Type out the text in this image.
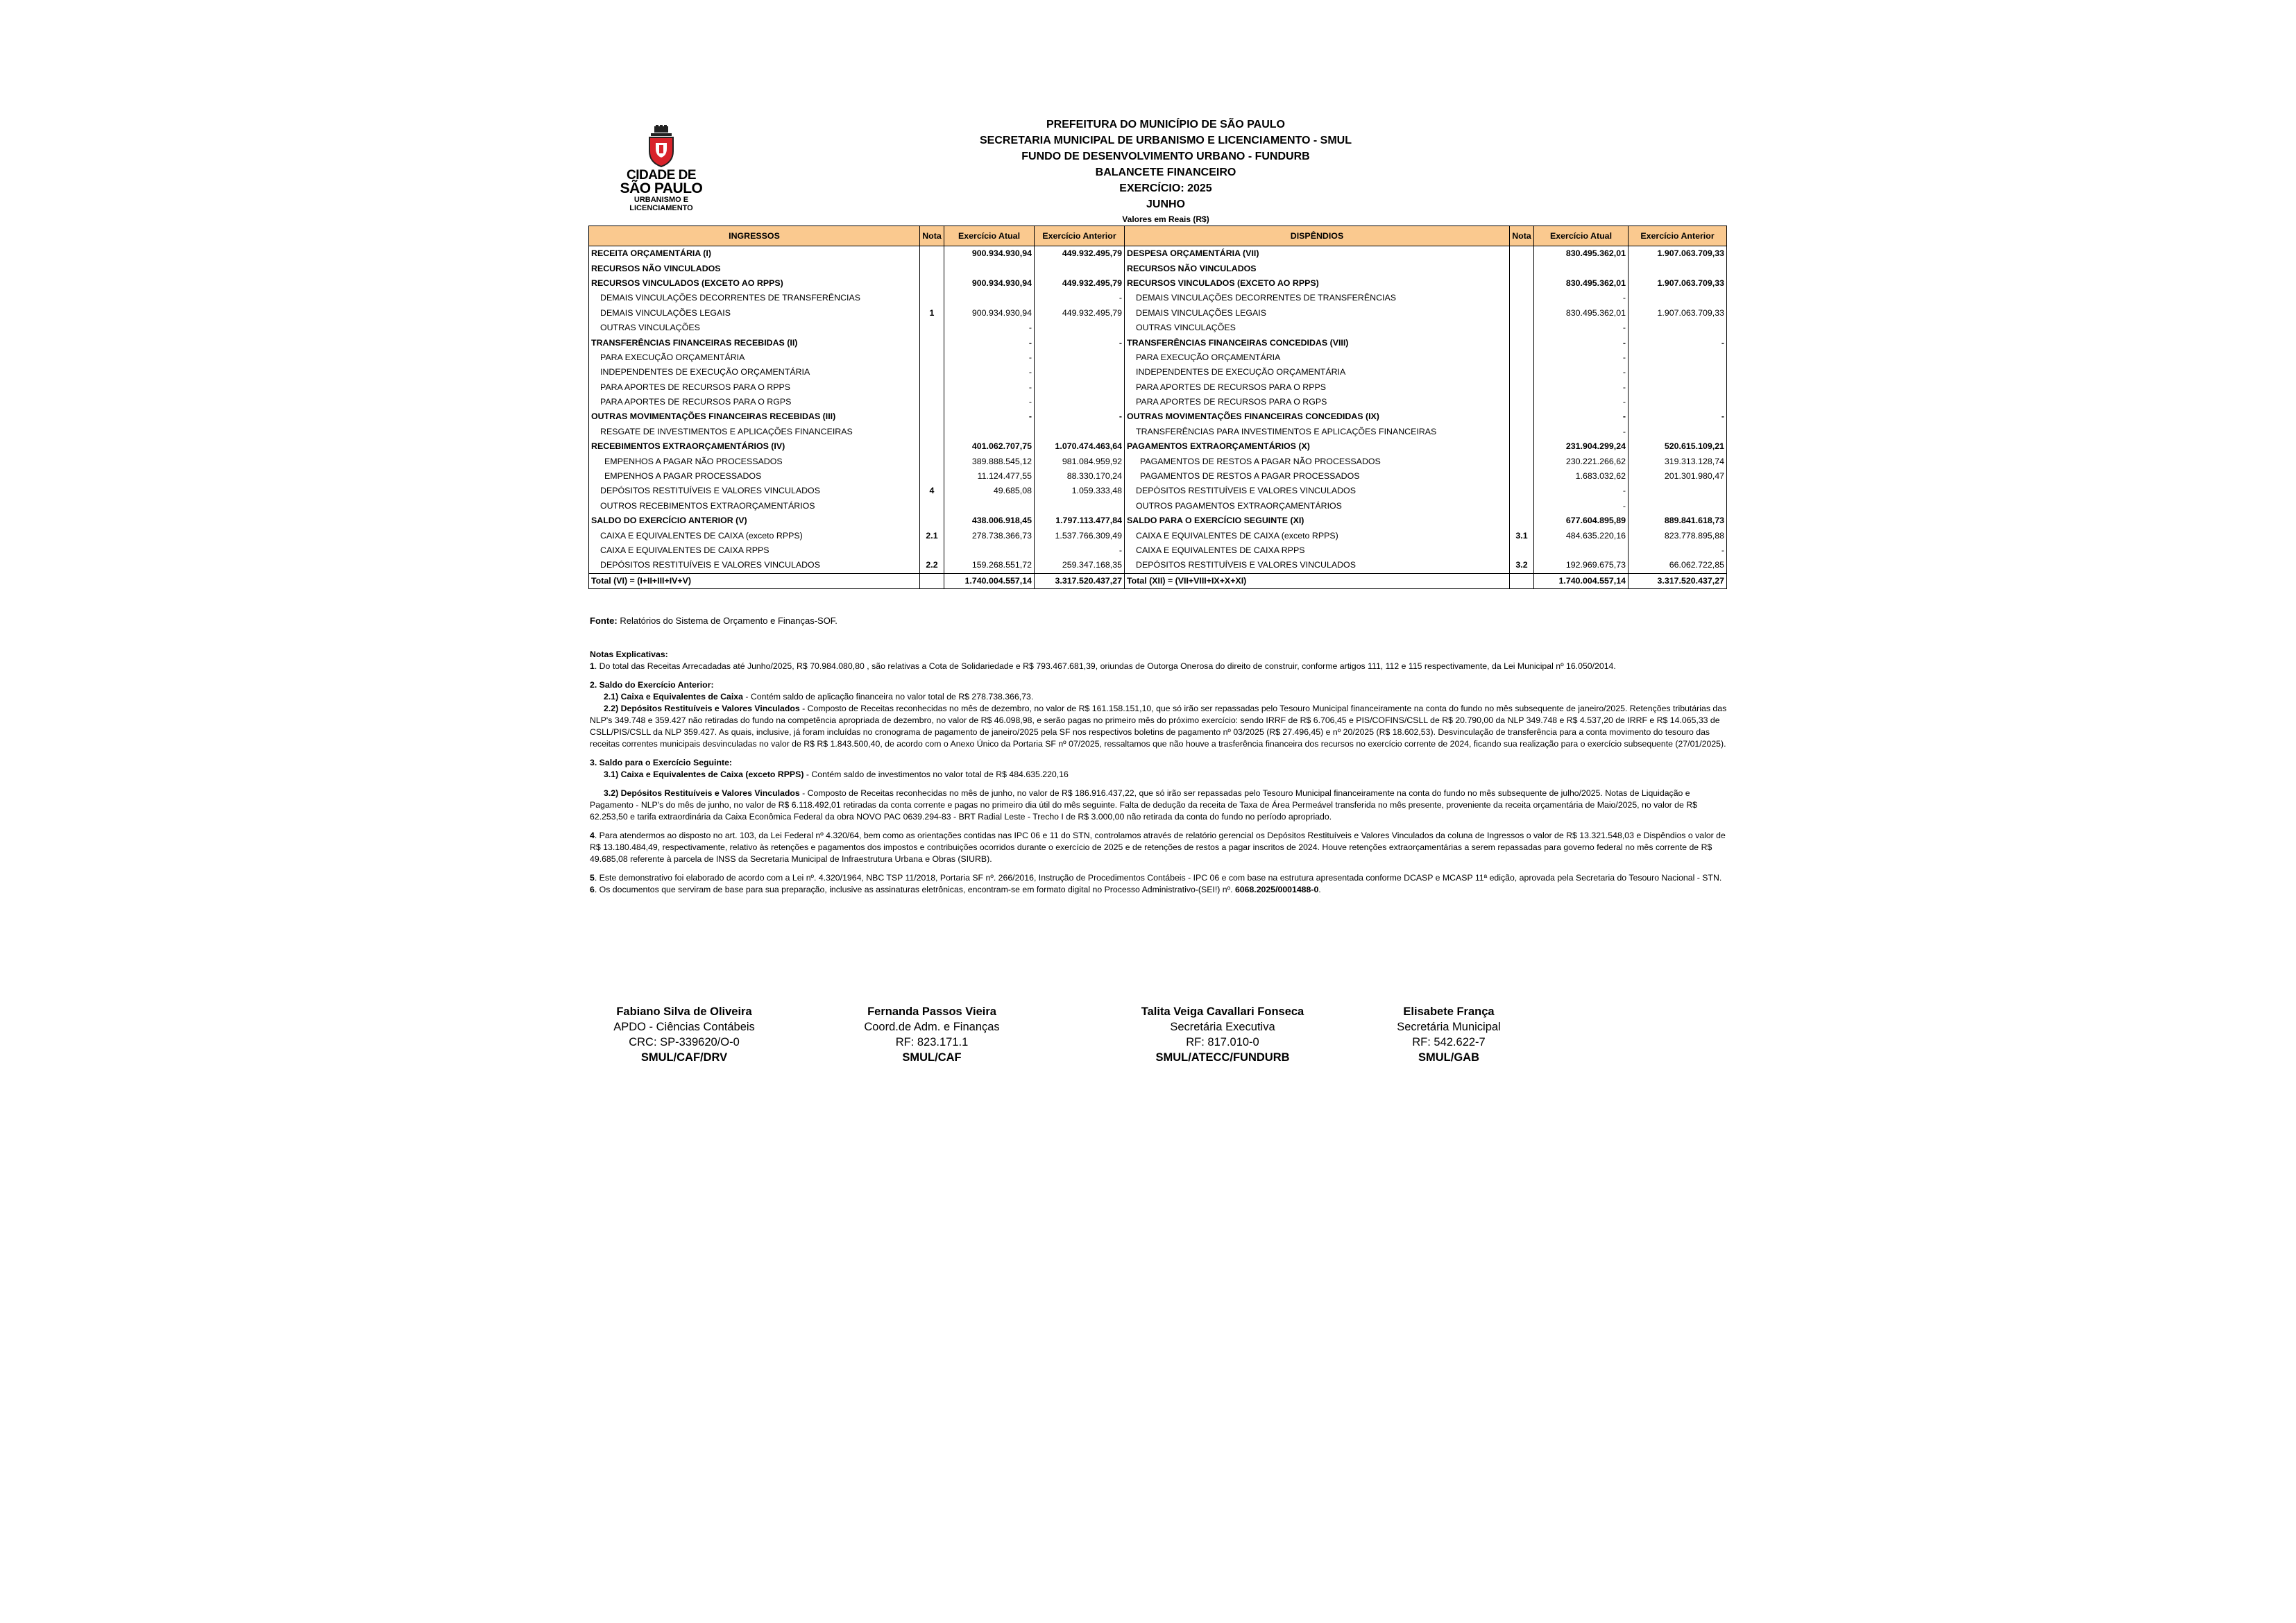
CIDADE DE
SÃO PAULO
URBANISMO E
LICENCIAMENTO
PREFEITURA DO MUNICÍPIO DE SÃO PAULO
SECRETARIA MUNICIPAL DE URBANISMO E LICENCIAMENTO - SMUL
FUNDO DE DESENVOLVIMENTO URBANO - FUNDURB
BALANCETE FINANCEIRO
EXERCÍCIO: 2025
JUNHO
Valores em Reais (R$)
INGRESSOS	Nota	Exercício Atual	Exercício Anterior	DISPÊNDIOS	Nota	Exercício Atual	Exercício Anterior
RECEITA ORÇAMENTÁRIA (I)		900.934.930,94	449.932.495,79	DESPESA ORÇAMENTÁRIA (VII)		830.495.362,01	1.907.063.709,33
RECURSOS NÃO VINCULADOS				RECURSOS NÃO VINCULADOS			
RECURSOS VINCULADOS (EXCETO AO RPPS)		900.934.930,94	449.932.495,79	RECURSOS VINCULADOS (EXCETO AO RPPS)		830.495.362,01	1.907.063.709,33
DEMAIS VINCULAÇÕES DECORRENTES DE TRANSFERÊNCIAS			-	DEMAIS VINCULAÇÕES DECORRENTES DE TRANSFERÊNCIAS		-	
DEMAIS VINCULAÇÕES LEGAIS	1	900.934.930,94	449.932.495,79	DEMAIS VINCULAÇÕES LEGAIS		830.495.362,01	1.907.063.709,33
OUTRAS VINCULAÇÕES		-		OUTRAS VINCULAÇÕES		-	
TRANSFERÊNCIAS FINANCEIRAS RECEBIDAS (II)		-	-	TRANSFERÊNCIAS FINANCEIRAS CONCEDIDAS (VIII)		-	-
PARA EXECUÇÃO ORÇAMENTÁRIA		-		PARA EXECUÇÃO ORÇAMENTÁRIA		-	
INDEPENDENTES DE EXECUÇÃO ORÇAMENTÁRIA		-		INDEPENDENTES DE EXECUÇÃO ORÇAMENTÁRIA		-	
PARA APORTES DE RECURSOS PARA O RPPS		-		PARA APORTES DE RECURSOS PARA O RPPS		-	
PARA APORTES DE RECURSOS PARA O RGPS		-		PARA APORTES DE RECURSOS PARA O RGPS		-	
OUTRAS MOVIMENTAÇÕES FINANCEIRAS RECEBIDAS (III)		-	-	OUTRAS MOVIMENTAÇÕES FINANCEIRAS CONCEDIDAS (IX)		-	-
RESGATE DE INVESTIMENTOS E APLICAÇÕES FINANCEIRAS				TRANSFERÊNCIAS PARA INVESTIMENTOS E APLICAÇÕES FINANCEIRAS		-	
RECEBIMENTOS EXTRAORÇAMENTÁRIOS (IV)		401.062.707,75	1.070.474.463,64	PAGAMENTOS EXTRAORÇAMENTÁRIOS (X)		231.904.299,24	520.615.109,21
EMPENHOS A PAGAR NÃO PROCESSADOS		389.888.545,12	981.084.959,92	PAGAMENTOS DE RESTOS A PAGAR NÃO PROCESSADOS		230.221.266,62	319.313.128,74
EMPENHOS A PAGAR PROCESSADOS		11.124.477,55	88.330.170,24	PAGAMENTOS DE RESTOS A PAGAR PROCESSADOS		1.683.032,62	201.301.980,47
DEPÓSITOS RESTITUÍVEIS E VALORES VINCULADOS	4	49.685,08	1.059.333,48	DEPÓSITOS RESTITUÍVEIS E VALORES VINCULADOS		-	
OUTROS RECEBIMENTOS EXTRAORÇAMENTÁRIOS				OUTROS PAGAMENTOS EXTRAORÇAMENTÁRIOS		-	
SALDO DO EXERCÍCIO ANTERIOR (V)		438.006.918,45	1.797.113.477,84	SALDO PARA O EXERCÍCIO SEGUINTE (XI)		677.604.895,89	889.841.618,73
CAIXA E EQUIVALENTES DE CAIXA (exceto RPPS)	2.1	278.738.366,73	1.537.766.309,49	CAIXA E EQUIVALENTES DE CAIXA (exceto RPPS)	3.1	484.635.220,16	823.778.895,88
CAIXA E EQUIVALENTES DE CAIXA RPPS			-	CAIXA E EQUIVALENTES DE CAIXA RPPS			-
DEPÓSITOS RESTITUÍVEIS E VALORES VINCULADOS	2.2	159.268.551,72	259.347.168,35	DEPÓSITOS RESTITUÍVEIS E VALORES VINCULADOS	3.2	192.969.675,73	66.062.722,85
Total (VI) = (I+II+III+IV+V)		1.740.004.557,14	3.317.520.437,27	Total (XII) = (VII+VIII+IX+X+XI)		1.740.004.557,14	3.317.520.437,27
Fonte: Relatórios do Sistema de Orçamento e Finanças-SOF.

Notas Explicativas:

1. Do total das Receitas Arrecadadas até Junho/2025, R$ 70.984.080,80 , são relativas a Cota de Solidariedade e R$ 793.467.681,39, oriundas de Outorga Onerosa do direito de construir, conforme artigos 111, 112 e 115 respectivamente, da Lei Municipal nº 16.050/2014.

2. Saldo do Exercício Anterior:

2.1) Caixa e Equivalentes de Caixa - Contém saldo de aplicação financeira no valor total de R$ 278.738.366,73.

2.2) Depósitos Restituíveis e Valores Vinculados - Composto de Receitas reconhecidas no mês de dezembro, no valor de R$ 161.158.151,10, que só irão ser repassadas pelo Tesouro Municipal financeiramente na conta do fundo no mês subsequente de janeiro/2025. Retenções tributárias das NLP's 349.748 e 359.427 não retiradas do fundo na competência apropriada de dezembro, no valor de R$ 46.098,98, e serão pagas no primeiro mês do próximo exercício: sendo IRRF de R$ 6.706,45 e PIS/COFINS/CSLL de R$ 20.790,00 da NLP 349.748 e R$ 4.537,20 de IRRF e R$ 14.065,33 de CSLL/PIS/CSLL da NLP 359.427. As quais, inclusive, já foram incluídas no cronograma de pagamento de janeiro/2025 pela SF nos respectivos boletins de pagamento nº 03/2025 (R$ 27.496,45) e nº 20/2025 (R$ 18.602,53). Desvinculação de transferência para a conta movimento do tesouro das receitas correntes municipais desvinculadas no valor de R$ R$ 1.843.500,40, de acordo com o Anexo Único da Portaria SF nº 07/2025, ressaltamos que não houve a trasferência financeira dos recursos no exercício corrente de 2024, ficando sua realização para o exercício subsequente (27/01/2025).

3. Saldo para o Exercício Seguinte:

3.1) Caixa e Equivalentes de Caixa (exceto RPPS) - Contém saldo de investimentos no valor total de R$ 484.635.220,16

3.2) Depósitos Restituíveis e Valores Vinculados - Composto de Receitas reconhecidas no mês de junho, no valor de R$ 186.916.437,22, que só irão ser repassadas pelo Tesouro Municipal financeiramente na conta do fundo no mês subsequente de julho/2025. Notas de Liquidação e Pagamento - NLP's do mês de junho, no valor de R$ 6.118.492,01 retiradas da conta corrente e pagas no primeiro dia útil do mês seguinte. Falta de dedução da receita de Taxa de Área Permeável transferida no mês presente, proveniente da receita orçamentária de Maio/2025, no valor de R$ 62.253,50 e tarifa extraordinária da Caixa Econômica Federal da obra NOVO PAC 0639.294-83 - BRT Radial Leste - Trecho I de R$ 3.000,00 não retirada da conta do fundo no período apropriado.

4. Para atendermos ao disposto no art. 103, da Lei Federal nº 4.320/64, bem como as orientações contidas nas IPC 06 e 11 do STN, controlamos através de relatório gerencial os Depósitos Restituíveis e Valores Vinculados da coluna de Ingressos o valor de R$ 13.321.548,03 e Dispêndios o valor de R$ 13.180.484,49, respectivamente, relativo às retenções e pagamentos dos impostos e contribuições ocorridos durante o exercício de 2025 e de retenções de restos a pagar inscritos de 2024. Houve retenções extraorçamentárias a serem repassadas para governo federal no mês corrente de R$ 49.685,08 referente à parcela de INSS da Secretaria Municipal de Infraestrutura Urbana e Obras (SIURB).

5. Este demonstrativo foi elaborado de acordo com a Lei nº. 4.320/1964, NBC TSP 11/2018, Portaria SF nº. 266/2016, Instrução de Procedimentos Contábeis - IPC 06 e com base na estrutura apresentada conforme DCASP e MCASP 11ª edição, aprovada pela Secretaria do Tesouro Nacional - STN.

6. Os documentos que serviram de base para sua preparação, inclusive as assinaturas eletrônicas, encontram-se em formato digital no Processo Administrativo-(SEI!) nº. 6068.2025/0001488-0.

Fabiano Silva de Oliveira
APDO - Ciências Contábeis
CRC: SP-339620/O-0
SMUL/CAF/DRV
Fernanda Passos Vieira
Coord.de Adm. e Finanças
RF: 823.171.1
SMUL/CAF
Talita Veiga Cavallari Fonseca
Secretária Executiva
RF: 817.010-0
SMUL/ATECC/FUNDURB
Elisabete França
Secretária Municipal
RF: 542.622-7
SMUL/GAB
